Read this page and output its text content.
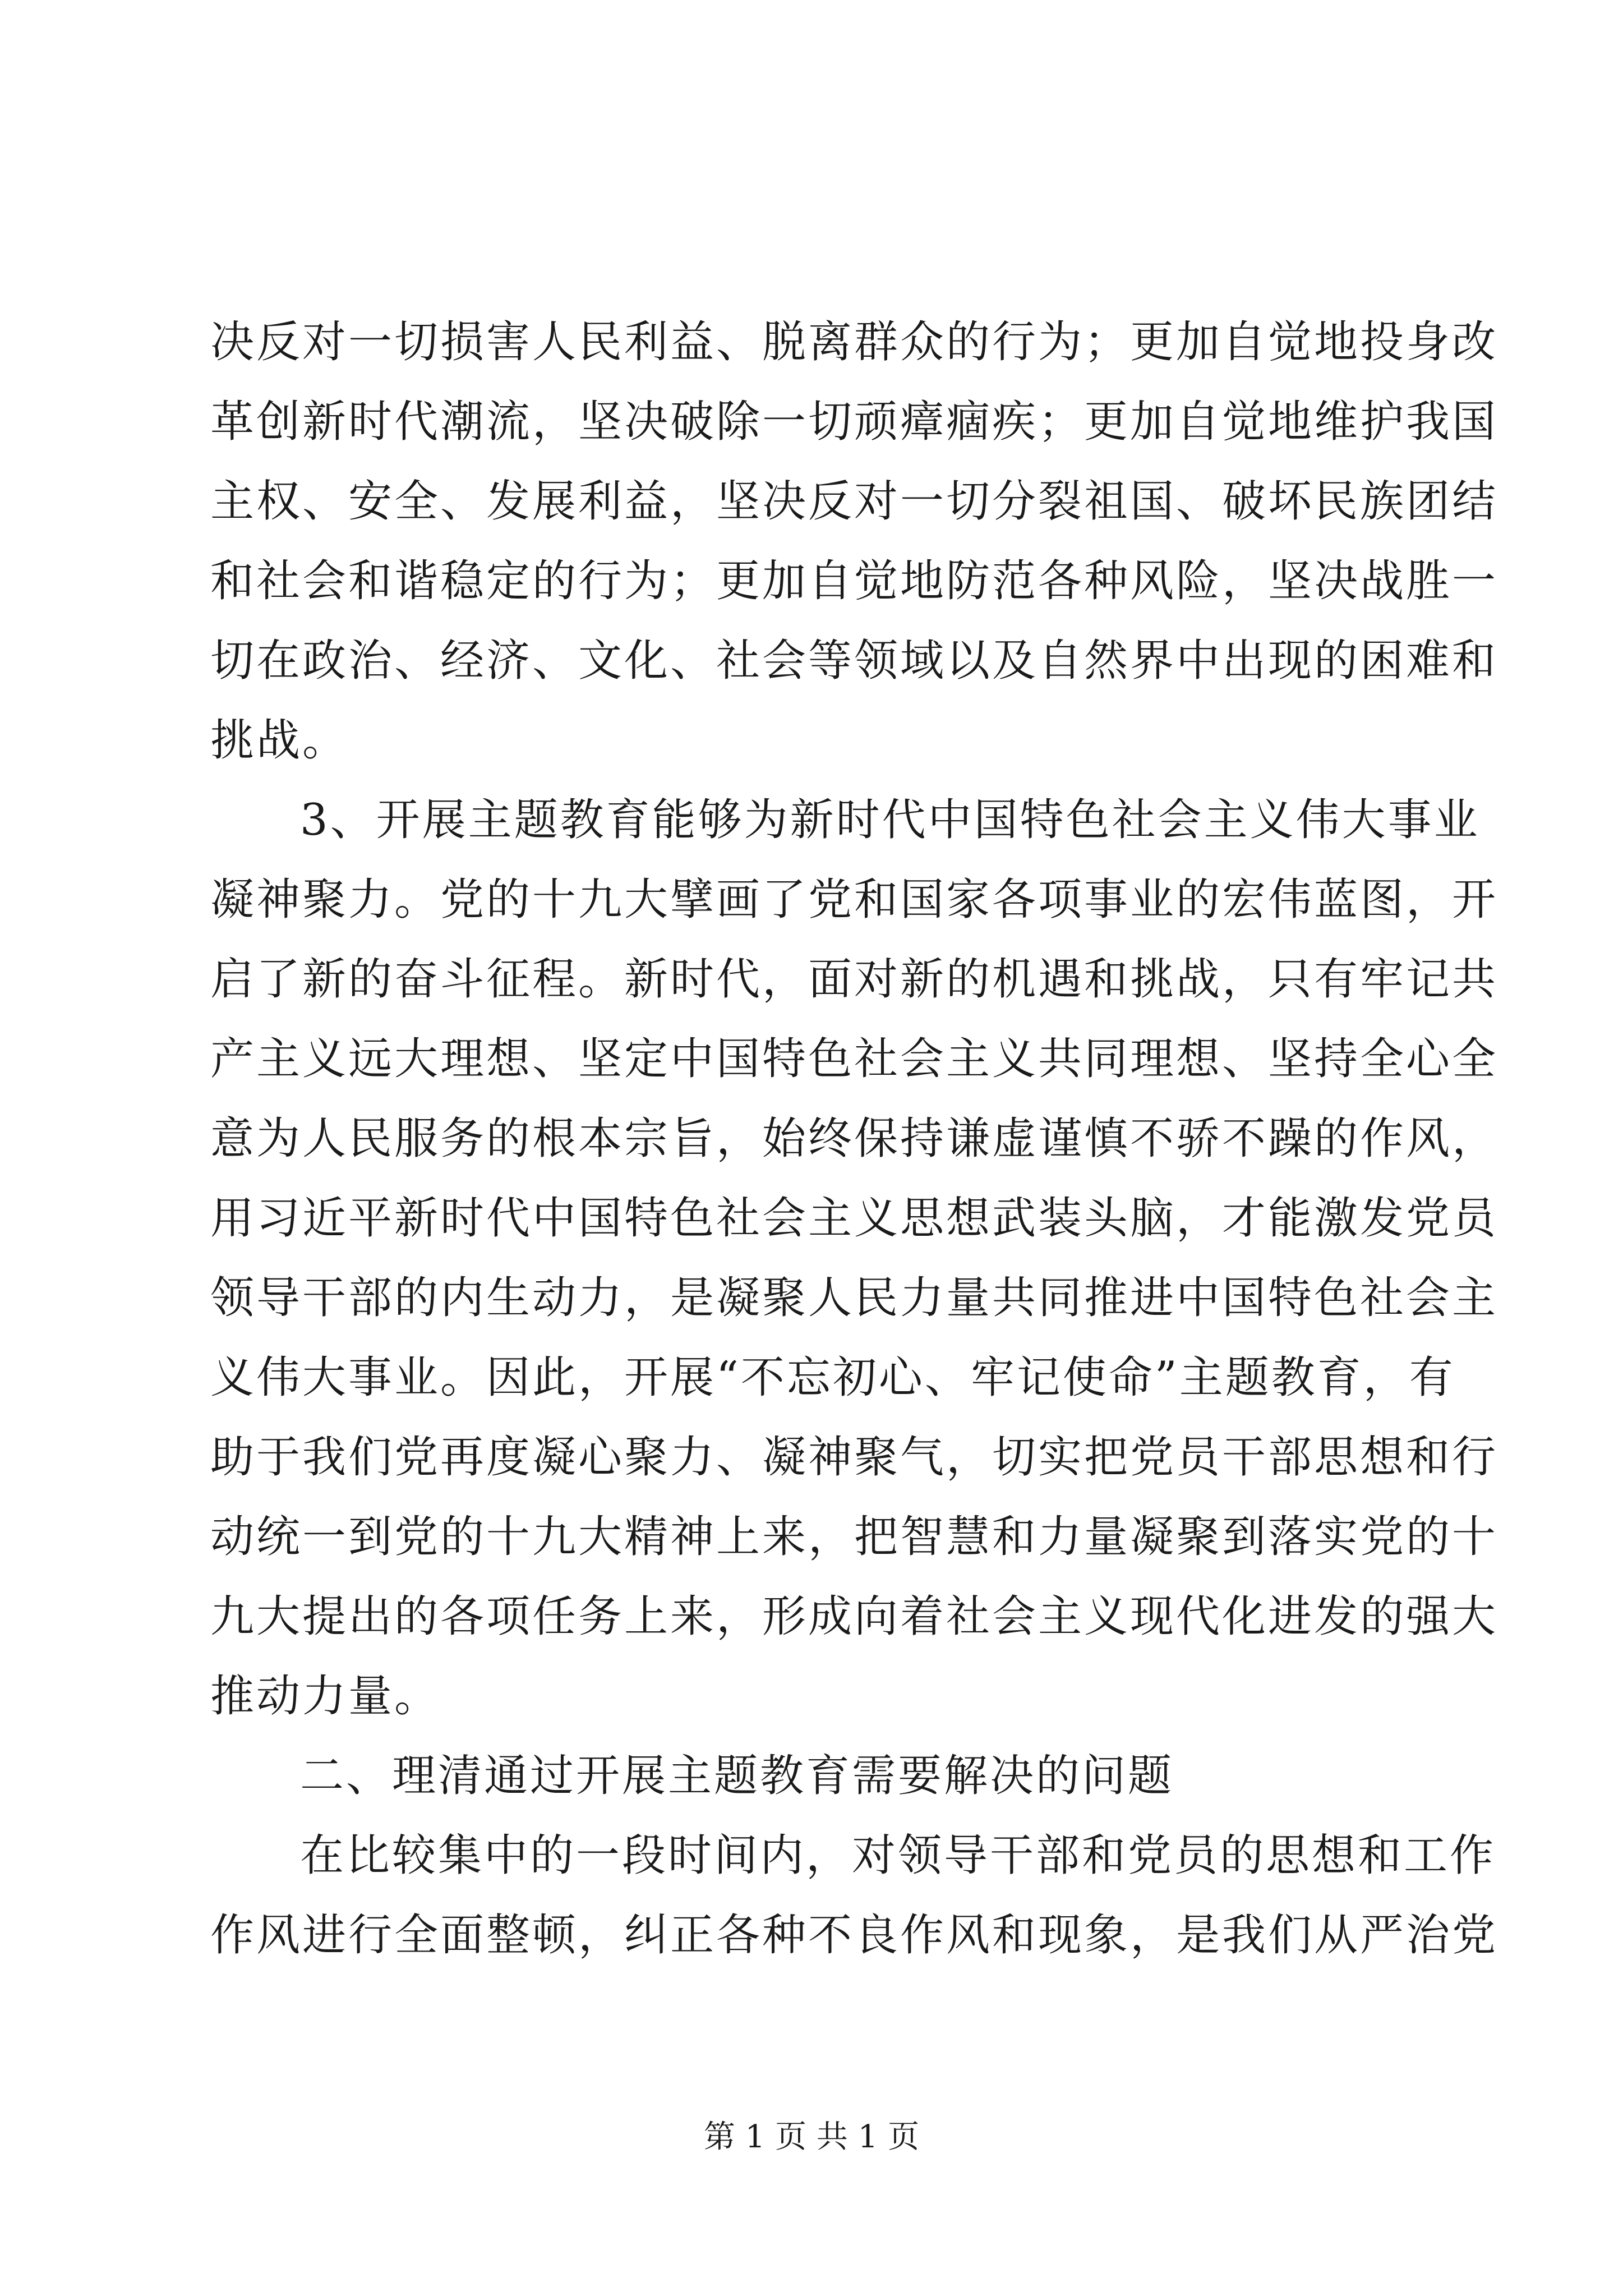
决反对一切损害人民利益、脱离群众的行为；更加自觉地投身改
革创新时代潮流，坚决破除一切顽瘴痼疾；更加自觉地维护我国
主权、安全、发展利益，坚决反对一切分裂祖国、破坏民族团结
和社会和谐稳定的行为；更加自觉地防范各种风险，坚决战胜一
切在政治、经济、文化、社会等领域以及自然界中出现的困难和
挑战。
3、开展主题教育能够为新时代中国特色社会主义伟大事业
凝神聚力。党的十九大擘画了党和国家各项事业的宏伟蓝图，开
启了新的奋斗征程。新时代，面对新的机遇和挑战，只有牢记共
产主义远大理想、坚定中国特色社会主义共同理想、坚持全心全
意为人民服务的根本宗旨，始终保持谦虚谨慎不骄不躁的作风，
用习近平新时代中国特色社会主义思想武装头脑，才能激发党员
领导干部的内生动力，是凝聚人民力量共同推进中国特色社会主
义伟大事业。因此，开展“不忘初心、牢记使命”主题教育，有
助于我们党再度凝心聚力、凝神聚气，切实把党员干部思想和行
动统一到党的十九大精神上来，把智慧和力量凝聚到落实党的十
九大提出的各项任务上来，形成向着社会主义现代化进发的强大
推动力量。
二、理清通过开展主题教育需要解决的问题
在比较集中的一段时间内，对领导干部和党员的思想和工作
作风进行全面整顿，纠正各种不良作风和现象，是我们从严治党
第 1 页 共 1 页
